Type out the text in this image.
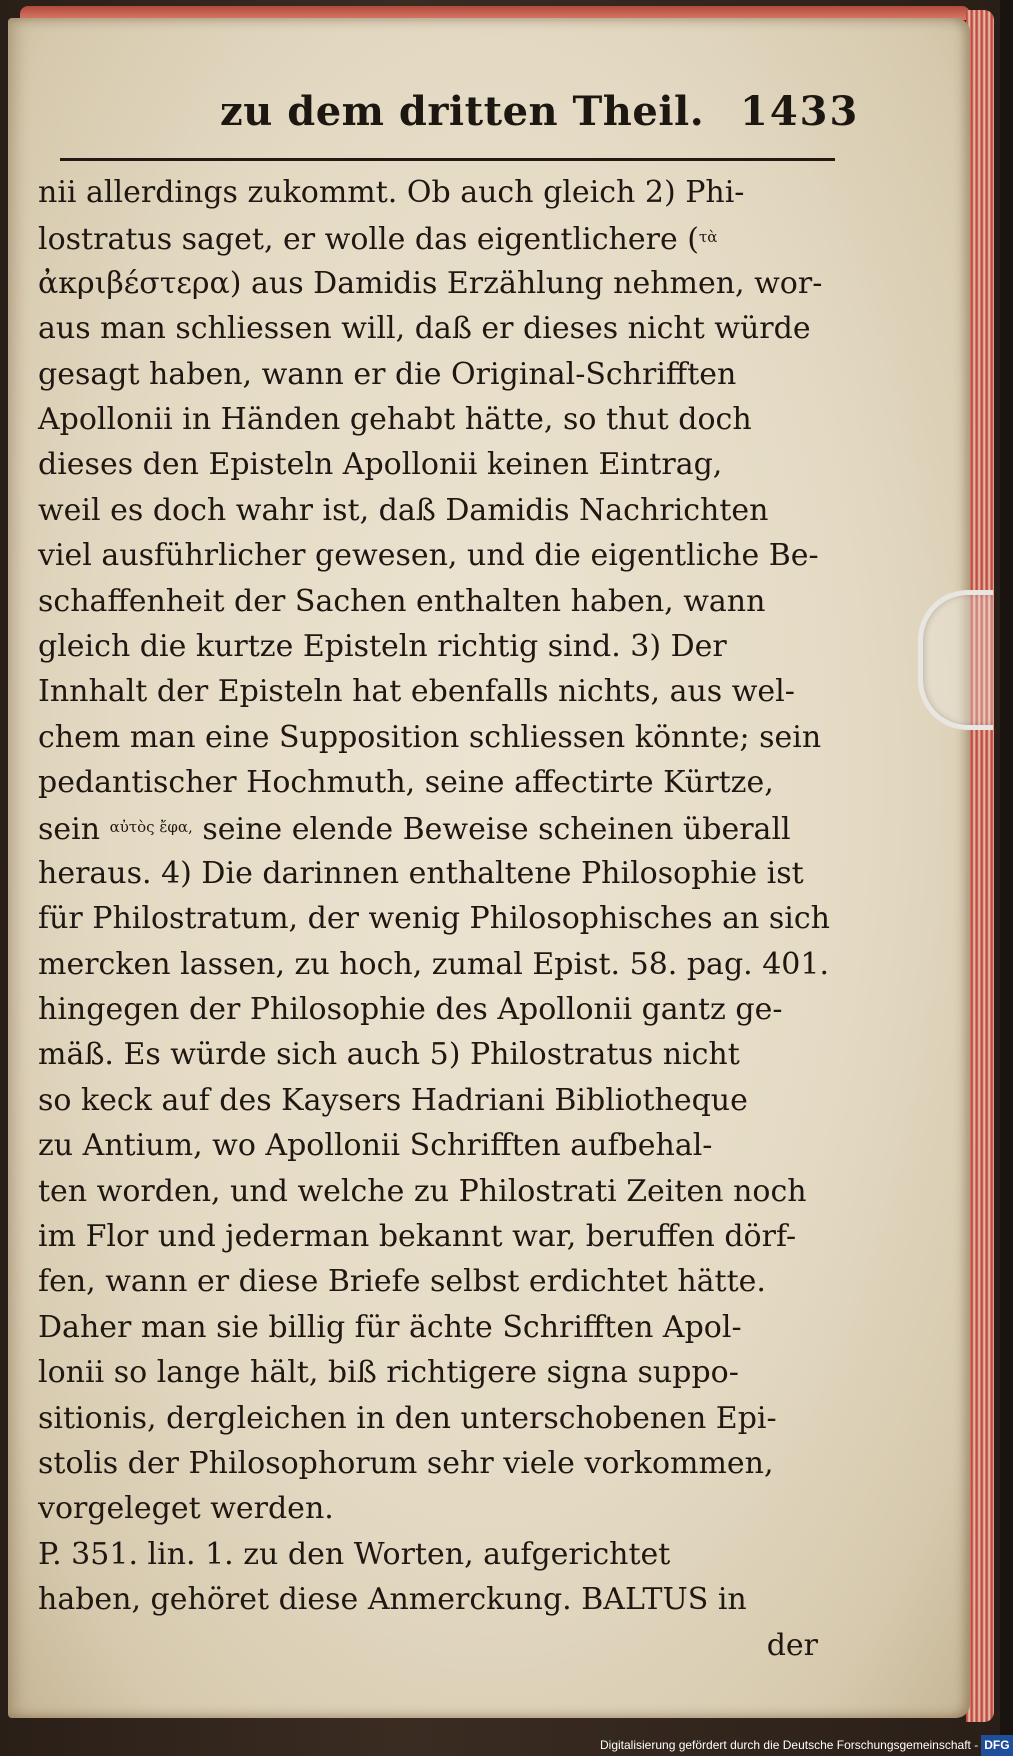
zu dem dritten Theil. 1433
nii allerdings zukommt. Ob auch gleich 2) Phi-
lostratus saget, er wolle das eigentlichere ($^{\tau ὰ}$
ἀκριβέστερα) aus Damidis Erzählung nehmen, wor-
aus man schliessen will, daß er dieses nicht würde
gesagt haben, wann er die Original-Schrifften
Apollonii in Händen gehabt hätte, so thut doch
dieses den Episteln Apollonii keinen Eintrag,
weil es doch wahr ist, daß Damidis Nachrichten
viel ausführlicher gewesen, und die eigentliche Be-
schaffenheit der Sachen enthalten haben, wann
gleich die kurtze Episteln richtig sind. 3) Der
Innhalt der Episteln hat ebenfalls nichts, aus wel-
chem man eine Supposition schliessen könnte; sein
pedantischer Hochmuth, seine affectirte Kürtze,
sein $^{\alpha ὐ\tau ὸ\varsigma ἔ\varphi\alpha,}$ seine elende Beweise scheinen überall
heraus. 4) Die darinnen enthaltene Philosophie ist
für Philostratum, der wenig Philosophisches an sich
mercken lassen, zu hoch, zumal Epist. 58. pag. 401.
hingegen der Philosophie des Apollonii gantz ge-
mäß. Es würde sich auch 5) Philostratus nicht
so keck auf des Kaysers Hadriani Bibliotheque
zu Antium, wo Apollonii Schrifften aufbehal-
ten worden, und welche zu Philostrati Zeiten noch
im Flor und jederman bekannt war, beruffen dörf-
fen, wann er diese Briefe selbst erdichtet hätte.
Daher man sie billig für ächte Schrifften Apol-
lonii so lange hält, biß richtigere signa suppo-
sitionis, dergleichen in den unterschobenen Epi-
stolis der Philosophorum sehr viele vorkommen,
vorgeleget werden.
P. 351. lin. 1. zu den Worten, aufgerichtet
haben, gehöret diese Anmerckung. BALTUS in
der
Digitalisierung gefördert durch die Deutsche Forschungsgemeinschaft - DFG
